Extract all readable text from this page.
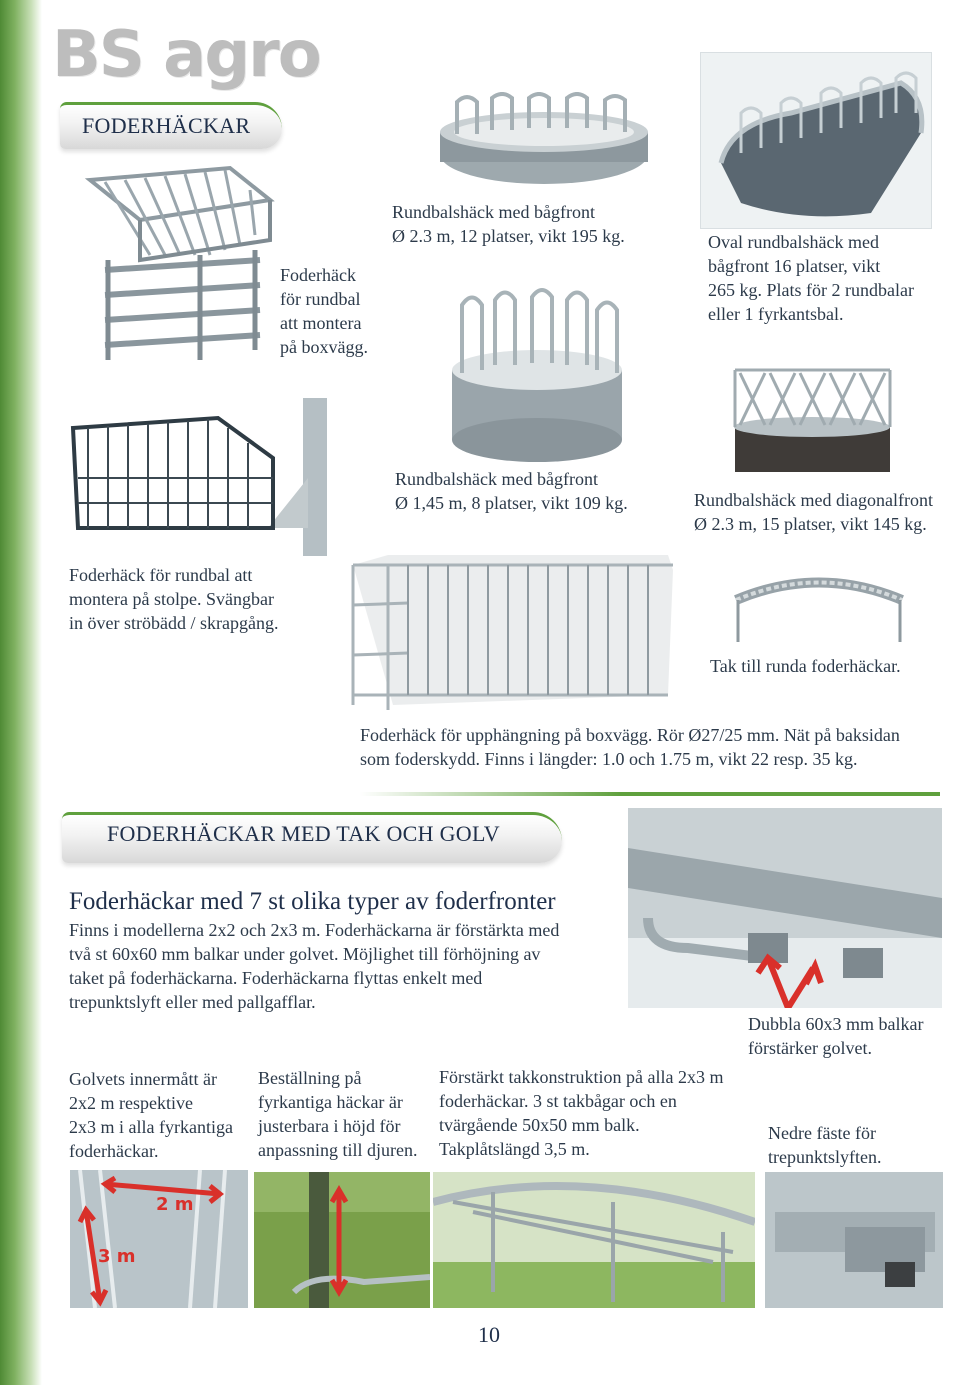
BS agro
FODERHÄCKAR
Foderhäck
för rundbal
att montera
på boxvägg.
Rundbalshäck med bågfront
Ø 2.3 m, 12 platser, vikt 195 kg.	Oval rundbalshäck med
bågfront 16 platser, vikt
265 kg. Plats för 2 rundbalar
eller 1 fyrkantsbal.
Rundbalshäck med bågfront
Ø 1,45 m, 8 platser, vikt 109 kg.	Rundbalshäck med diagonalfront
Ø 2.3 m, 15 platser, vikt 145 kg.
Foderhäck för rundbal att
montera på stolpe. Svängbar
in över ströbädd / skrapgång.
Tak till runda foderhäckar.
Foderhäck för upphängning på boxvägg. Rör Ø27/25 mm. Nät på baksidan
som foderskydd. Finns i längder: 1.0 och 1.75 m, vikt 22 resp. 35 kg.
FODERHÄCKAR MED TAK OCH GOLV
Foderhäckar med 7 st olika typer av foderfronter
Finns i modellerna 2x2 och 2x3 m. Foderhäckarna är förstärkta med
två st 60x60 mm balkar under golvet. Möjlighet till förhöjning av
taket på foderhäckarna. Foderhäckarna flyttas enkelt med
trepunktslyft eller med pallgafflar.
Dubbla 60x3 mm balkar
förstärker golvet.
Golvets innermått är
2x2 m respektive
2x3 m i alla fyrkantiga
foderhäckar.
Beställning på
fyrkantiga häckar är
justerbara i höjd för
anpassning till djuren.
Förstärkt takkonstruktion på alla 2x3 m
foderhäckar. 3 st takbågar och en
tvärgående 50x50 mm balk.
Takplåtslängd 3,5 m.
Nedre fäste för
trepunktslyften.
2 m
3 m
10
